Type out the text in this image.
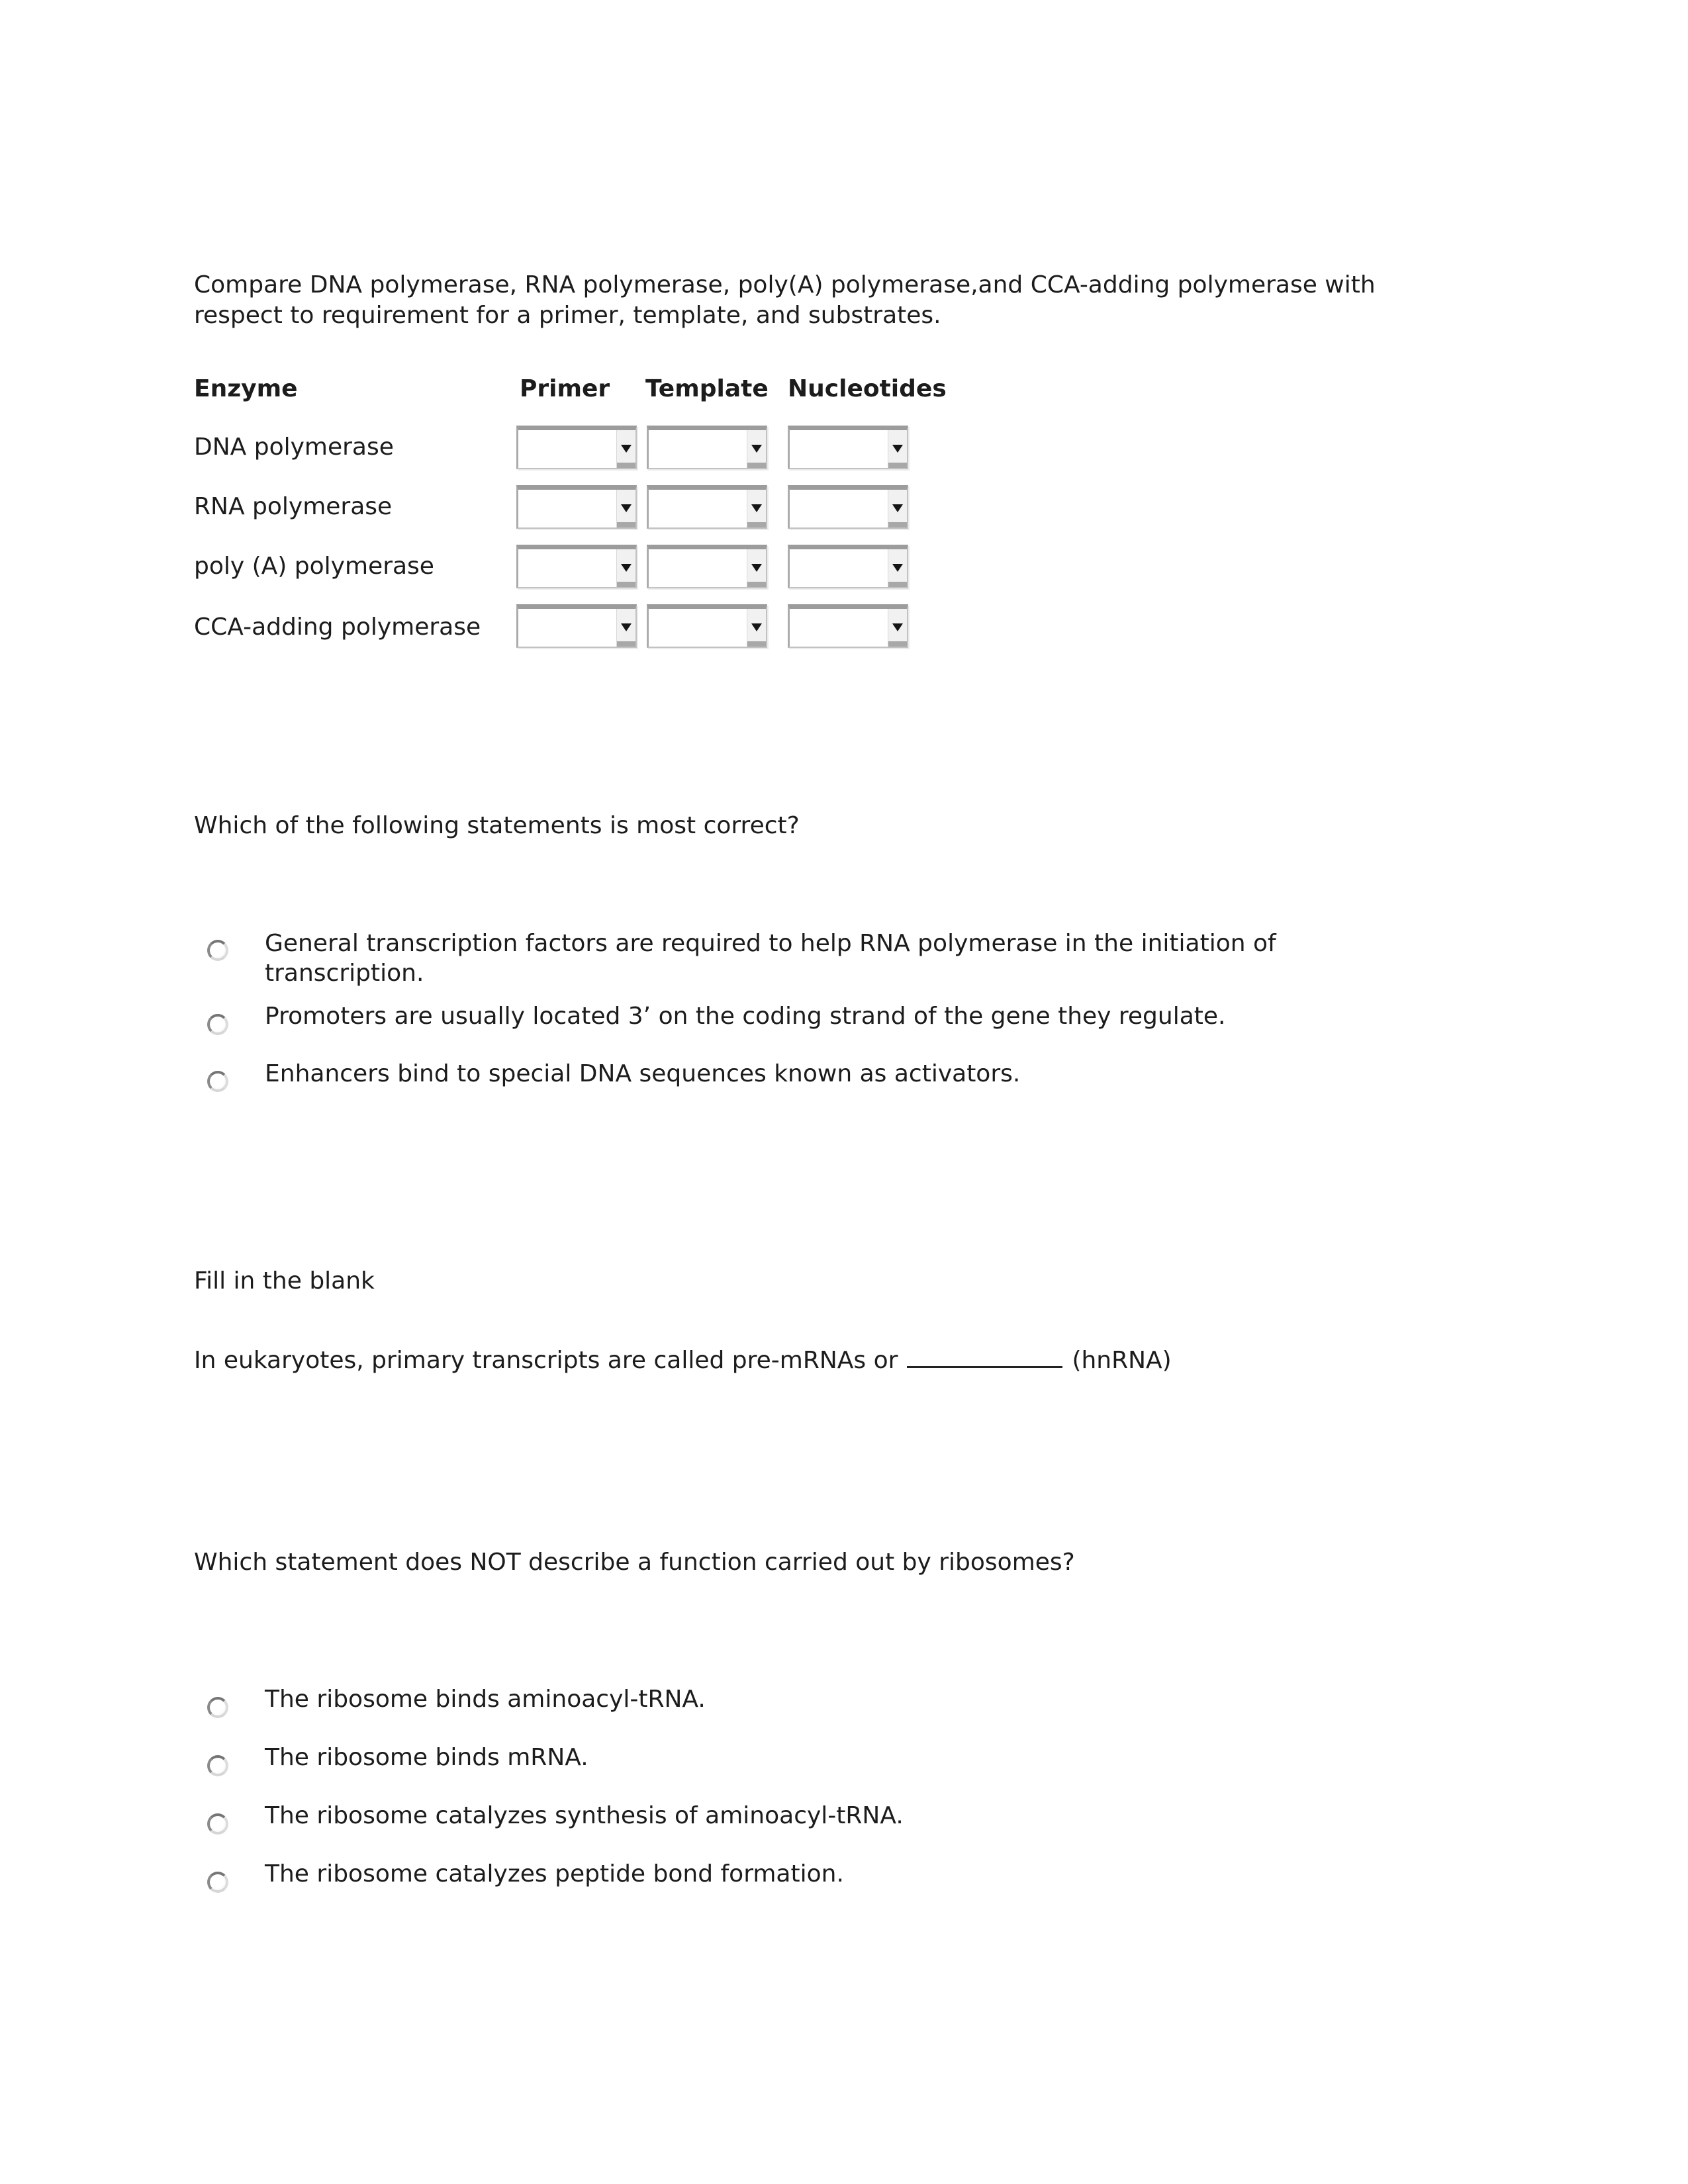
Compare DNA polymerase, RNA polymerase, poly(A) polymerase,and CCA-adding polymerase with
respect to requirement for a primer, template, and substrates.
Enzyme	Primer Template Nucleotides
DNA polymerase
RNA polymerase
poly (A) polymerase
CCA-adding polymerase
Which of the following statements is most correct?
General transcription factors are required to help RNA polymerase in the initiation of
transcription.
Promoters are usually located 3’ on the coding strand of the gene they regulate.
Enhancers bind to special DNA sequences known as activators.
Fill in the blank
In eukaryotes, primary transcripts are called pre-mRNAs or	(hnRNA)
Which statement does NOT describe a function carried out by ribosomes?
The ribosome binds aminoacyl-tRNA.
The ribosome binds mRNA.
The ribosome catalyzes synthesis of aminoacyl-tRNA.
The ribosome catalyzes peptide bond formation.
